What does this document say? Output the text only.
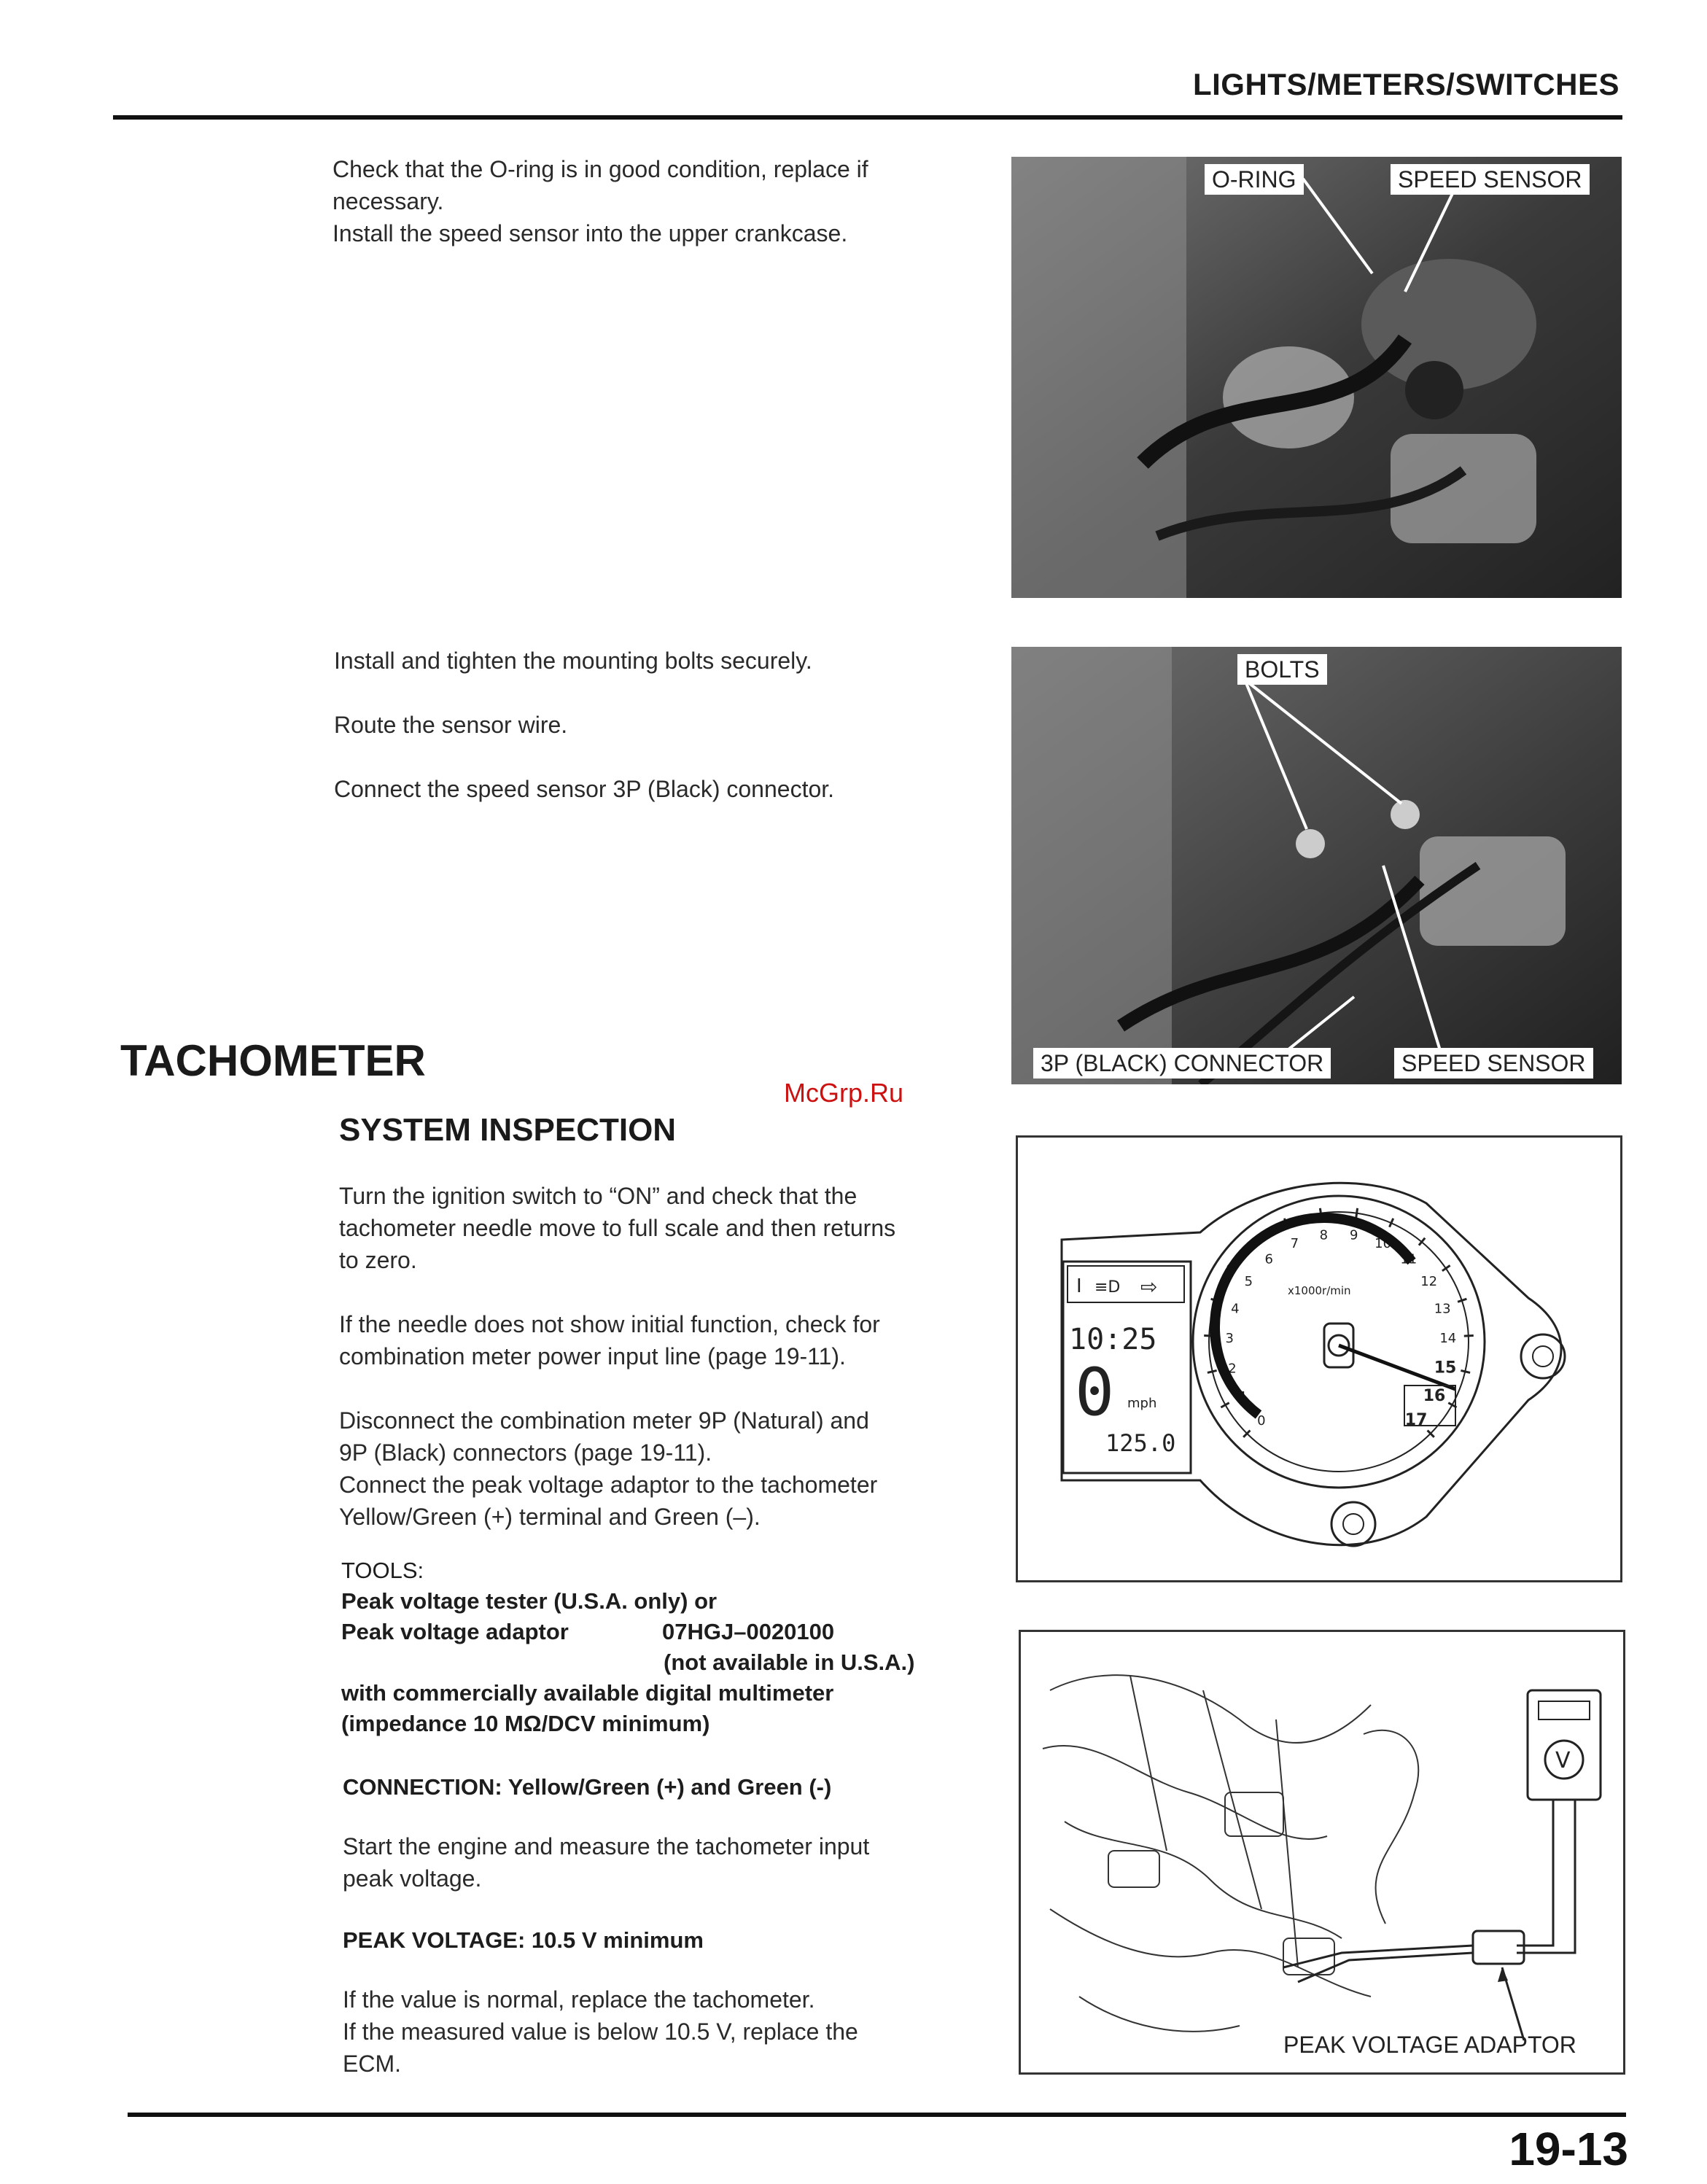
LIGHTS/METERS/SWITCHES
Check that the O-ring is in good condition, replace if
necessary.
Install the speed sensor into the upper crankcase.
O-RING	SPEED SENSOR

Install and tighten the mounting bolts securely.

Route the sensor wire.

Connect the speed sensor 3P (Black) connector.

BOLTS
3P (BLACK) CONNECTOR	SPEED SENSOR
TACHOMETER
SYSTEM INSPECTION
McGrp.Ru

Turn the ignition switch to “ON” and check that the
tachometer needle move to full scale and then returns
to zero.

If the needle does not show initial function, check for
combination meter power input line (page 19-11).

Disconnect the combination meter 9P (Natural) and
9P (Black) connectors (page 19-11).
Connect the peak voltage adaptor to the tachometer
Yellow/Green (+) terminal and Green (–).

TOOLS:
Peak voltage tester (U.S.A. only) or
Peak voltage adaptor	07HGJ–0020100
(not available in U.S.A.)
with commercially available digital multimeter
(impedance 10 MΩ/DCV minimum)
CONNECTION: Yellow/Green (+) and Green (-)
Start the engine and measure the tachometer input
peak voltage.
PEAK VOLTAGE: 10.5 V minimum
If the value is normal, replace the tachometer.
If the measured value is below 10.5 V, replace the
ECM.
I ≡D ⇨
10:25
0 mph
125.0
0
1
2
3
4
5
6
7
8 9
10
11
12
13
14
15
16
17
x1000r/min
V
PEAK VOLTAGE ADAPTOR
19-13
